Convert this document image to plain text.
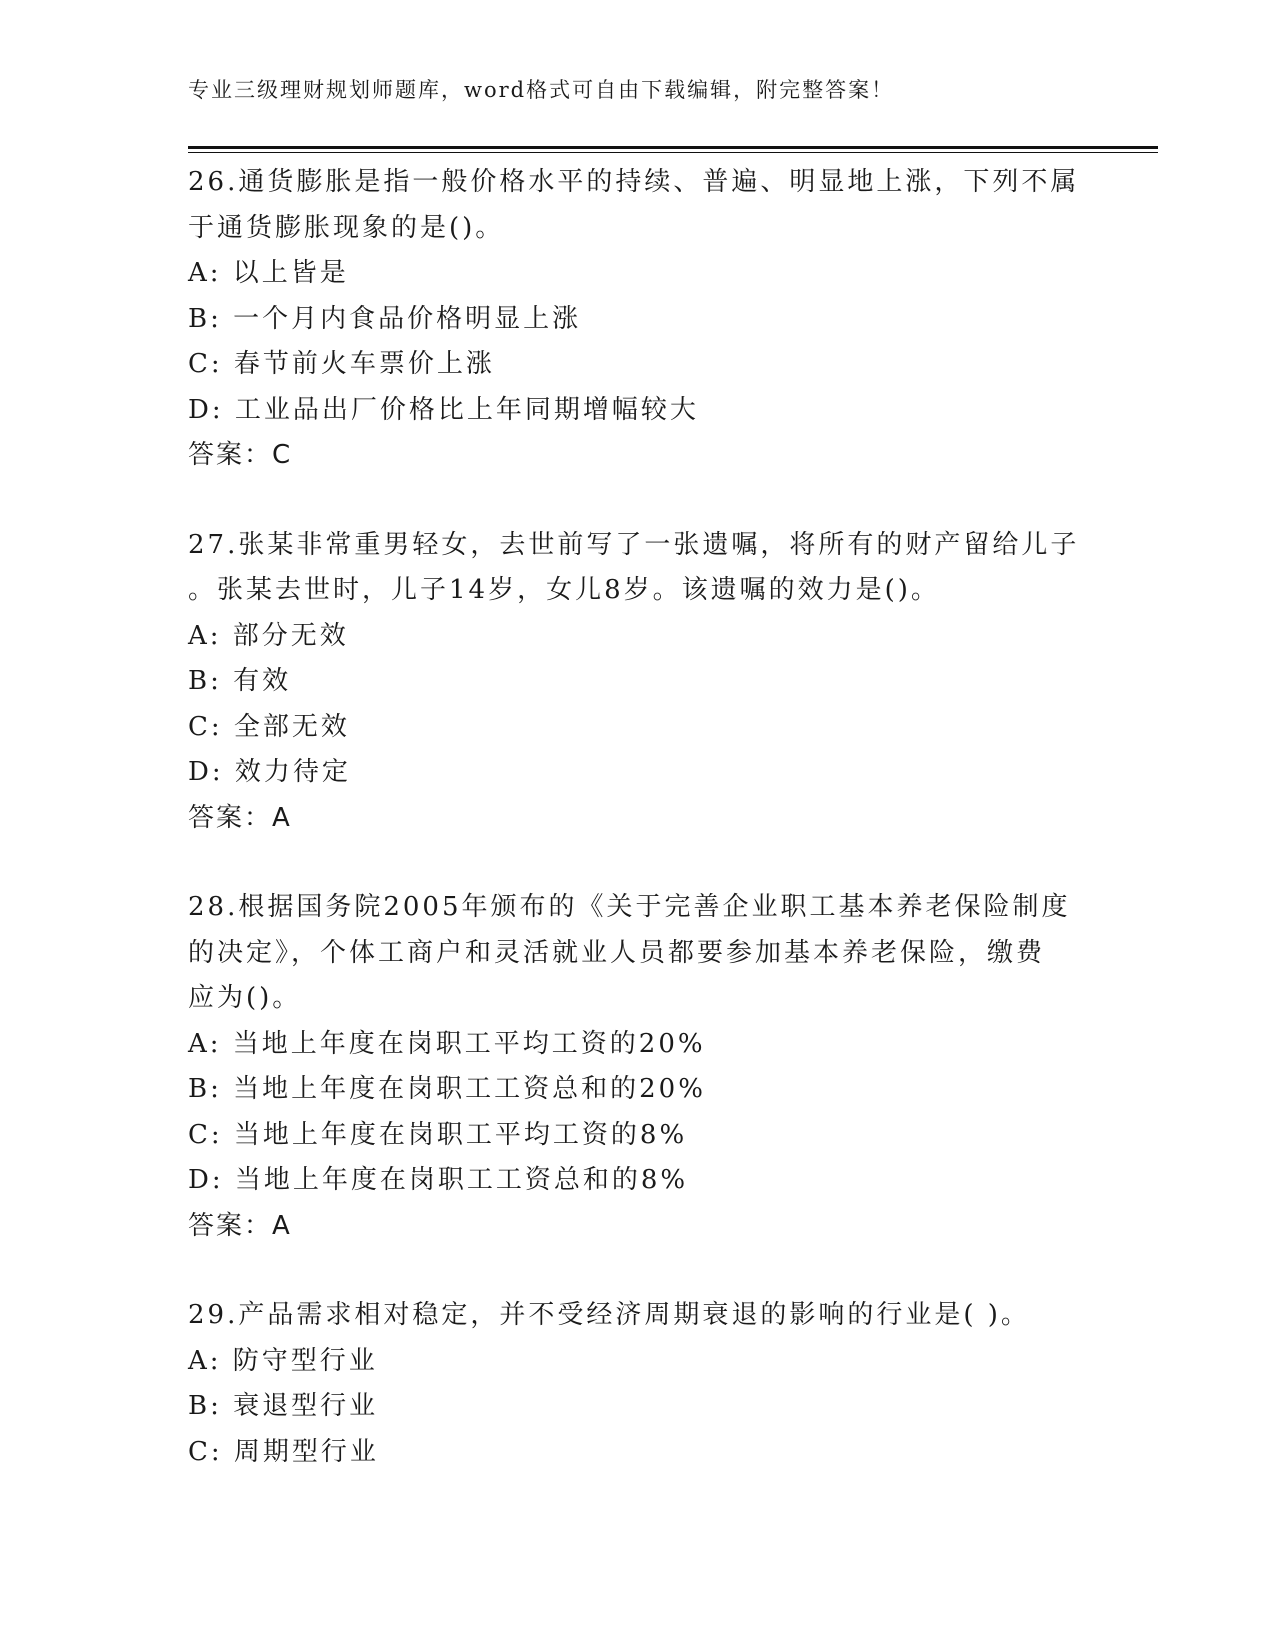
专业三级理财规划师题库，word格式可自由下载编辑，附完整答案！
26.通货膨胀是指一般价格水平的持续、普遍、明显地上涨，下列不属
于通货膨胀现象的是()。
A: 以上皆是
B: 一个月内食品价格明显上涨
C: 春节前火车票价上涨
D: 工业品出厂价格比上年同期增幅较大
答案：C
27.张某非常重男轻女，去世前写了一张遗嘱，将所有的财产留给儿子
。张某去世时，儿子14岁，女儿8岁。该遗嘱的效力是()。
A: 部分无效
B: 有效
C: 全部无效
D: 效力待定
答案：A
28.根据国务院2005年颁布的《关于完善企业职工基本养老保险制度
的决定》，个体工商户和灵活就业人员都要参加基本养老保险，缴费
应为()。
A: 当地上年度在岗职工平均工资的20%
B: 当地上年度在岗职工工资总和的20%
C: 当地上年度在岗职工平均工资的8%
D: 当地上年度在岗职工工资总和的8%
答案：A
29.产品需求相对稳定，并不受经济周期衰退的影响的行业是( )。
A: 防守型行业
B: 衰退型行业
C: 周期型行业
